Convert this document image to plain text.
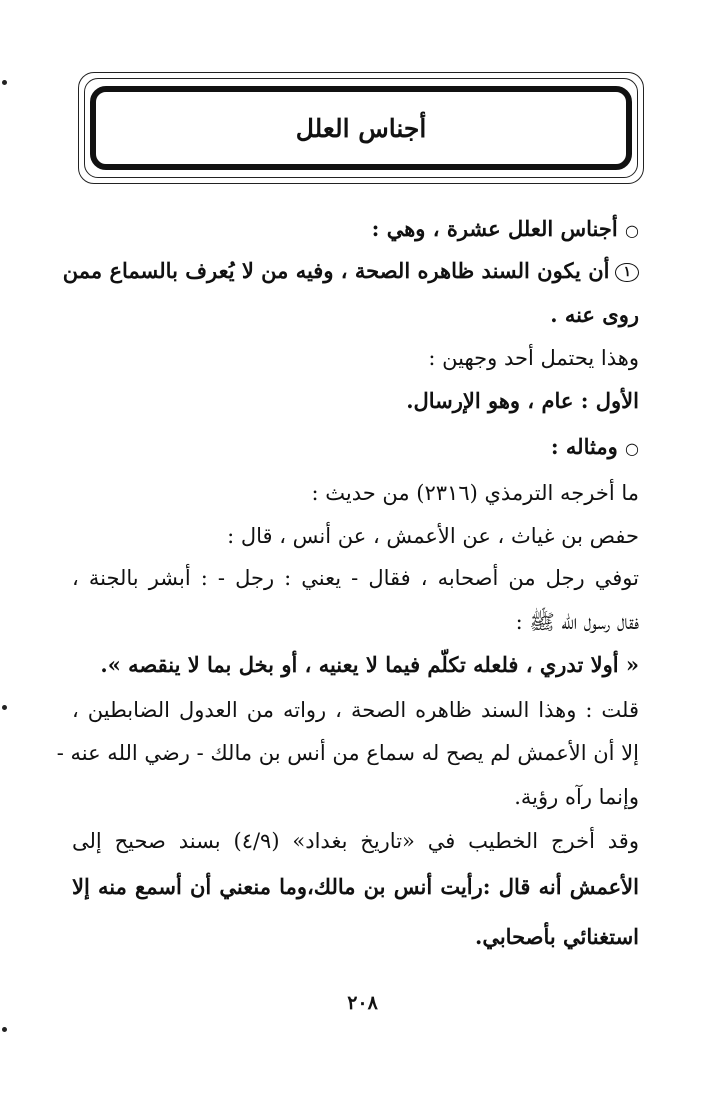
أجناس العلل
○ أجناس العلل عشرة ، وهي :
١أن يكون السند ظاهره الصحة ، وفيه من لا يُعرف بالسماع ممن
روى عنه .
وهذا يحتمل أحد وجهين :
الأول : عام ، وهو الإرسال.
○ ومثاله :
ما أخرجه الترمذي (٢٣١٦) من حديث :
حفص بن غياث ، عن الأعمش ، عن أنس ، قال :
توفي رجل من أصحابه ، فقال - يعني : رجل - : أبشر بالجنة ،
فقال رسول الله ﷺ :
« أولا تدري ، فلعله تكلّم فيما لا يعنيه ، أو بخل بما لا ينقصه ».
قلت : وهذا السند ظاهره الصحة ، رواته من العدول الضابطين ،
إلا أن الأعمش لم يصح له سماع من أنس بن مالك - رضي الله عنه -
وإنما رآه رؤية.
وقد أخرج الخطيب في «تاريخ بغداد» (٤/٩) بسند صحيح إلى
الأعمش أنه قال :رأيت أنس بن مالك،وما منعني أن أسمع منه إلا
استغنائي بأصحابي.
٢٠٨
